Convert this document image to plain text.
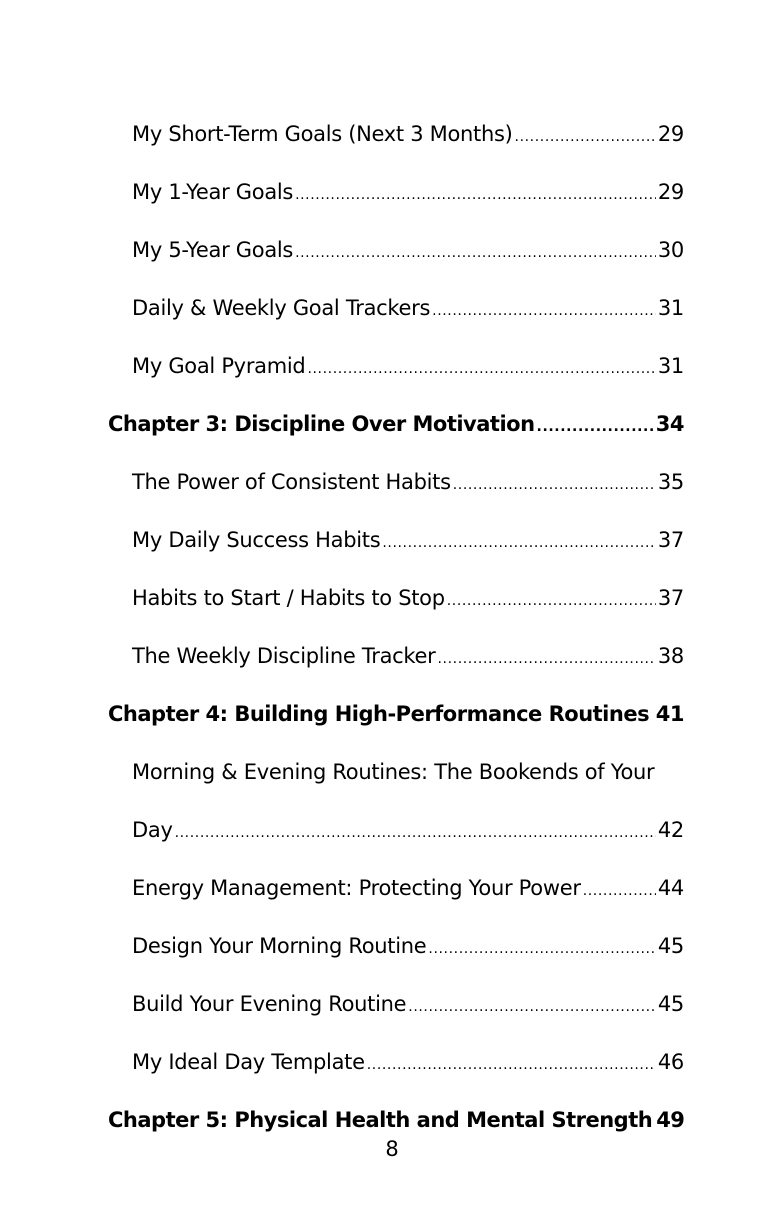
My Short-Term Goals (Next 3 Months) .....	29
My 1-Year Goals .....	29
My 5-Year Goals .....	30
Daily & Weekly Goal Trackers .....	31
My Goal Pyramid .....	31
Chapter 3: Discipline Over Motivation .....	34
The Power of Consistent Habits .....	35
My Daily Success Habits .....	37
Habits to Start / Habits to Stop .....	37
The Weekly Discipline Tracker .....	38
Chapter 4: Building High-Performance Routines 41
Morning & Evening Routines: The Bookends of Your
Day .....	42
Energy Management: Protecting Your Power .....	44
Design Your Morning Routine .....	45
Build Your Evening Routine .....	45
My Ideal Day Template .....	46
Chapter 5: Physical Health and Mental Strength 49
8
